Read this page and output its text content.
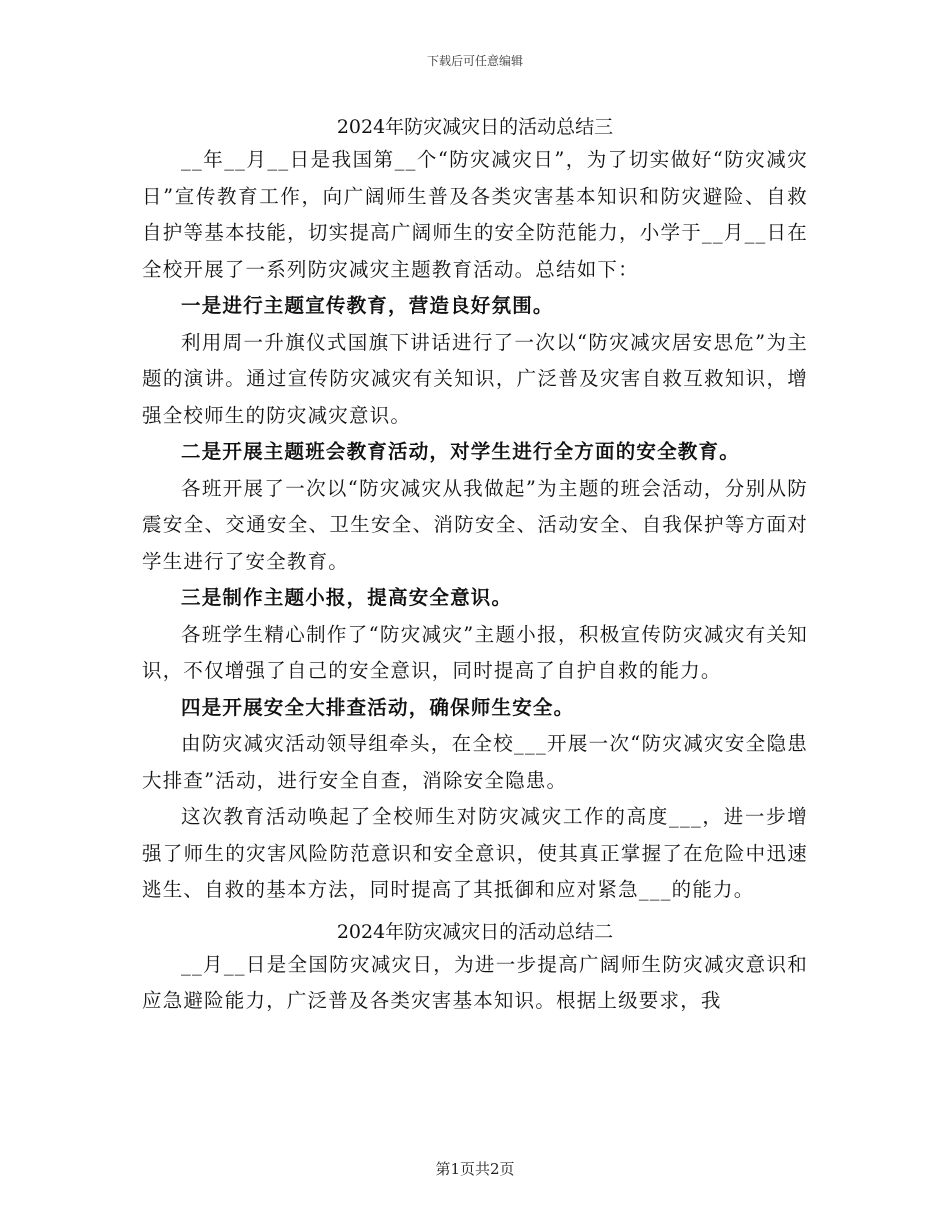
下载后可任意编辑
2024年防灾减灾日的活动总结三

__年__月__日是我国第__个“防灾减灾日”，为了切实做好“防灾减灾日”宣传教育工作，向广阔师生普及各类灾害基本知识和防灾避险、自救自护等基本技能，切实提高广阔师生的安全防范能力，小学于__月__日在全校开展了一系列防灾减灾主题教育活动。总结如下：

一是进行主题宣传教育，营造良好氛围。

利用周一升旗仪式国旗下讲话进行了一次以“防灾减灾居安思危”为主题的演讲。通过宣传防灾减灾有关知识，广泛普及灾害自救互救知识，增强全校师生的防灾减灾意识。

二是开展主题班会教育活动，对学生进行全方面的安全教育。

各班开展了一次以“防灾减灾从我做起”为主题的班会活动，分别从防震安全、交通安全、卫生安全、消防安全、活动安全、自我保护等方面对学生进行了安全教育。

三是制作主题小报，提高安全意识。

各班学生精心制作了“防灾减灾”主题小报，积极宣传防灾减灾有关知识，不仅增强了自己的安全意识，同时提高了自护自救的能力。

四是开展安全大排查活动，确保师生安全。

由防灾减灾活动领导组牵头，在全校___开展一次“防灾减灾安全隐患大排查”活动，进行安全自查，消除安全隐患。

这次教育活动唤起了全校师生对防灾减灾工作的高度___，进一步增强了师生的灾害风险防范意识和安全意识，使其真正掌握了在危险中迅速逃生、自救的基本方法，同时提高了其抵御和应对紧急___的能力。

2024年防灾减灾日的活动总结二

__月__日是全国防灾减灾日，为进一步提高广阔师生防灾减灾意识和应急避险能力，广泛普及各类灾害基本知识。根据上级要求，我

第1页共2页
